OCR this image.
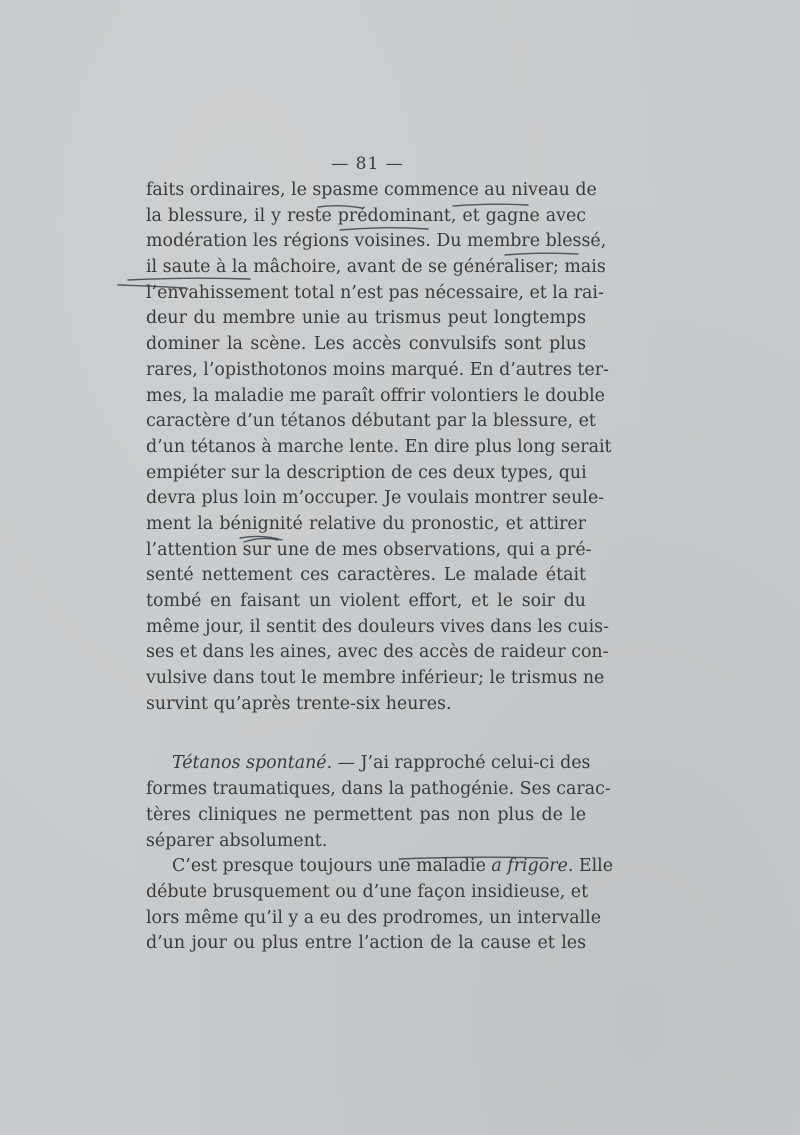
— 81 —
faits ordinaires, le spasme commence au niveau de
la blessure, il y reste prédominant, et gagne avec
modération les régions voisines. Du membre blessé,
il saute à la mâchoire, avant de se généraliser; mais
l’envahissement total n’est pas nécessaire, et la rai-
deur du membre unie au trismus peut longtemps
dominer la scène. Les accès convulsifs sont plus
rares, l’opisthotonos moins marqué. En d’autres ter-
mes, la maladie me paraît offrir volontiers le double
caractère d’un tétanos débutant par la blessure, et
d’un tétanos à marche lente. En dire plus long serait
empiéter sur la description de ces deux types, qui
devra plus loin m’occuper. Je voulais montrer seule-
ment la bénignité relative du pronostic, et attirer
l’attention sur une de mes observations, qui a pré-
senté nettement ces caractères. Le malade était
tombé en faisant un violent effort, et le soir du
même jour, il sentit des douleurs vives dans les cuis-
ses et dans les aines, avec des accès de raideur con-
vulsive dans tout le membre inférieur; le trismus ne
survint qu’après trente-six heures.
Tétanos spontané. — J’ai rapproché celui-ci des
formes traumatiques, dans la pathogénie. Ses carac-
tères cliniques ne permettent pas non plus de le
séparer absolument.
C’est presque toujours une maladie a frigore. Elle
débute brusquement ou d’une façon insidieuse, et
lors même qu’il y a eu des prodromes, un intervalle
d’un jour ou plus entre l’action de la cause et les
